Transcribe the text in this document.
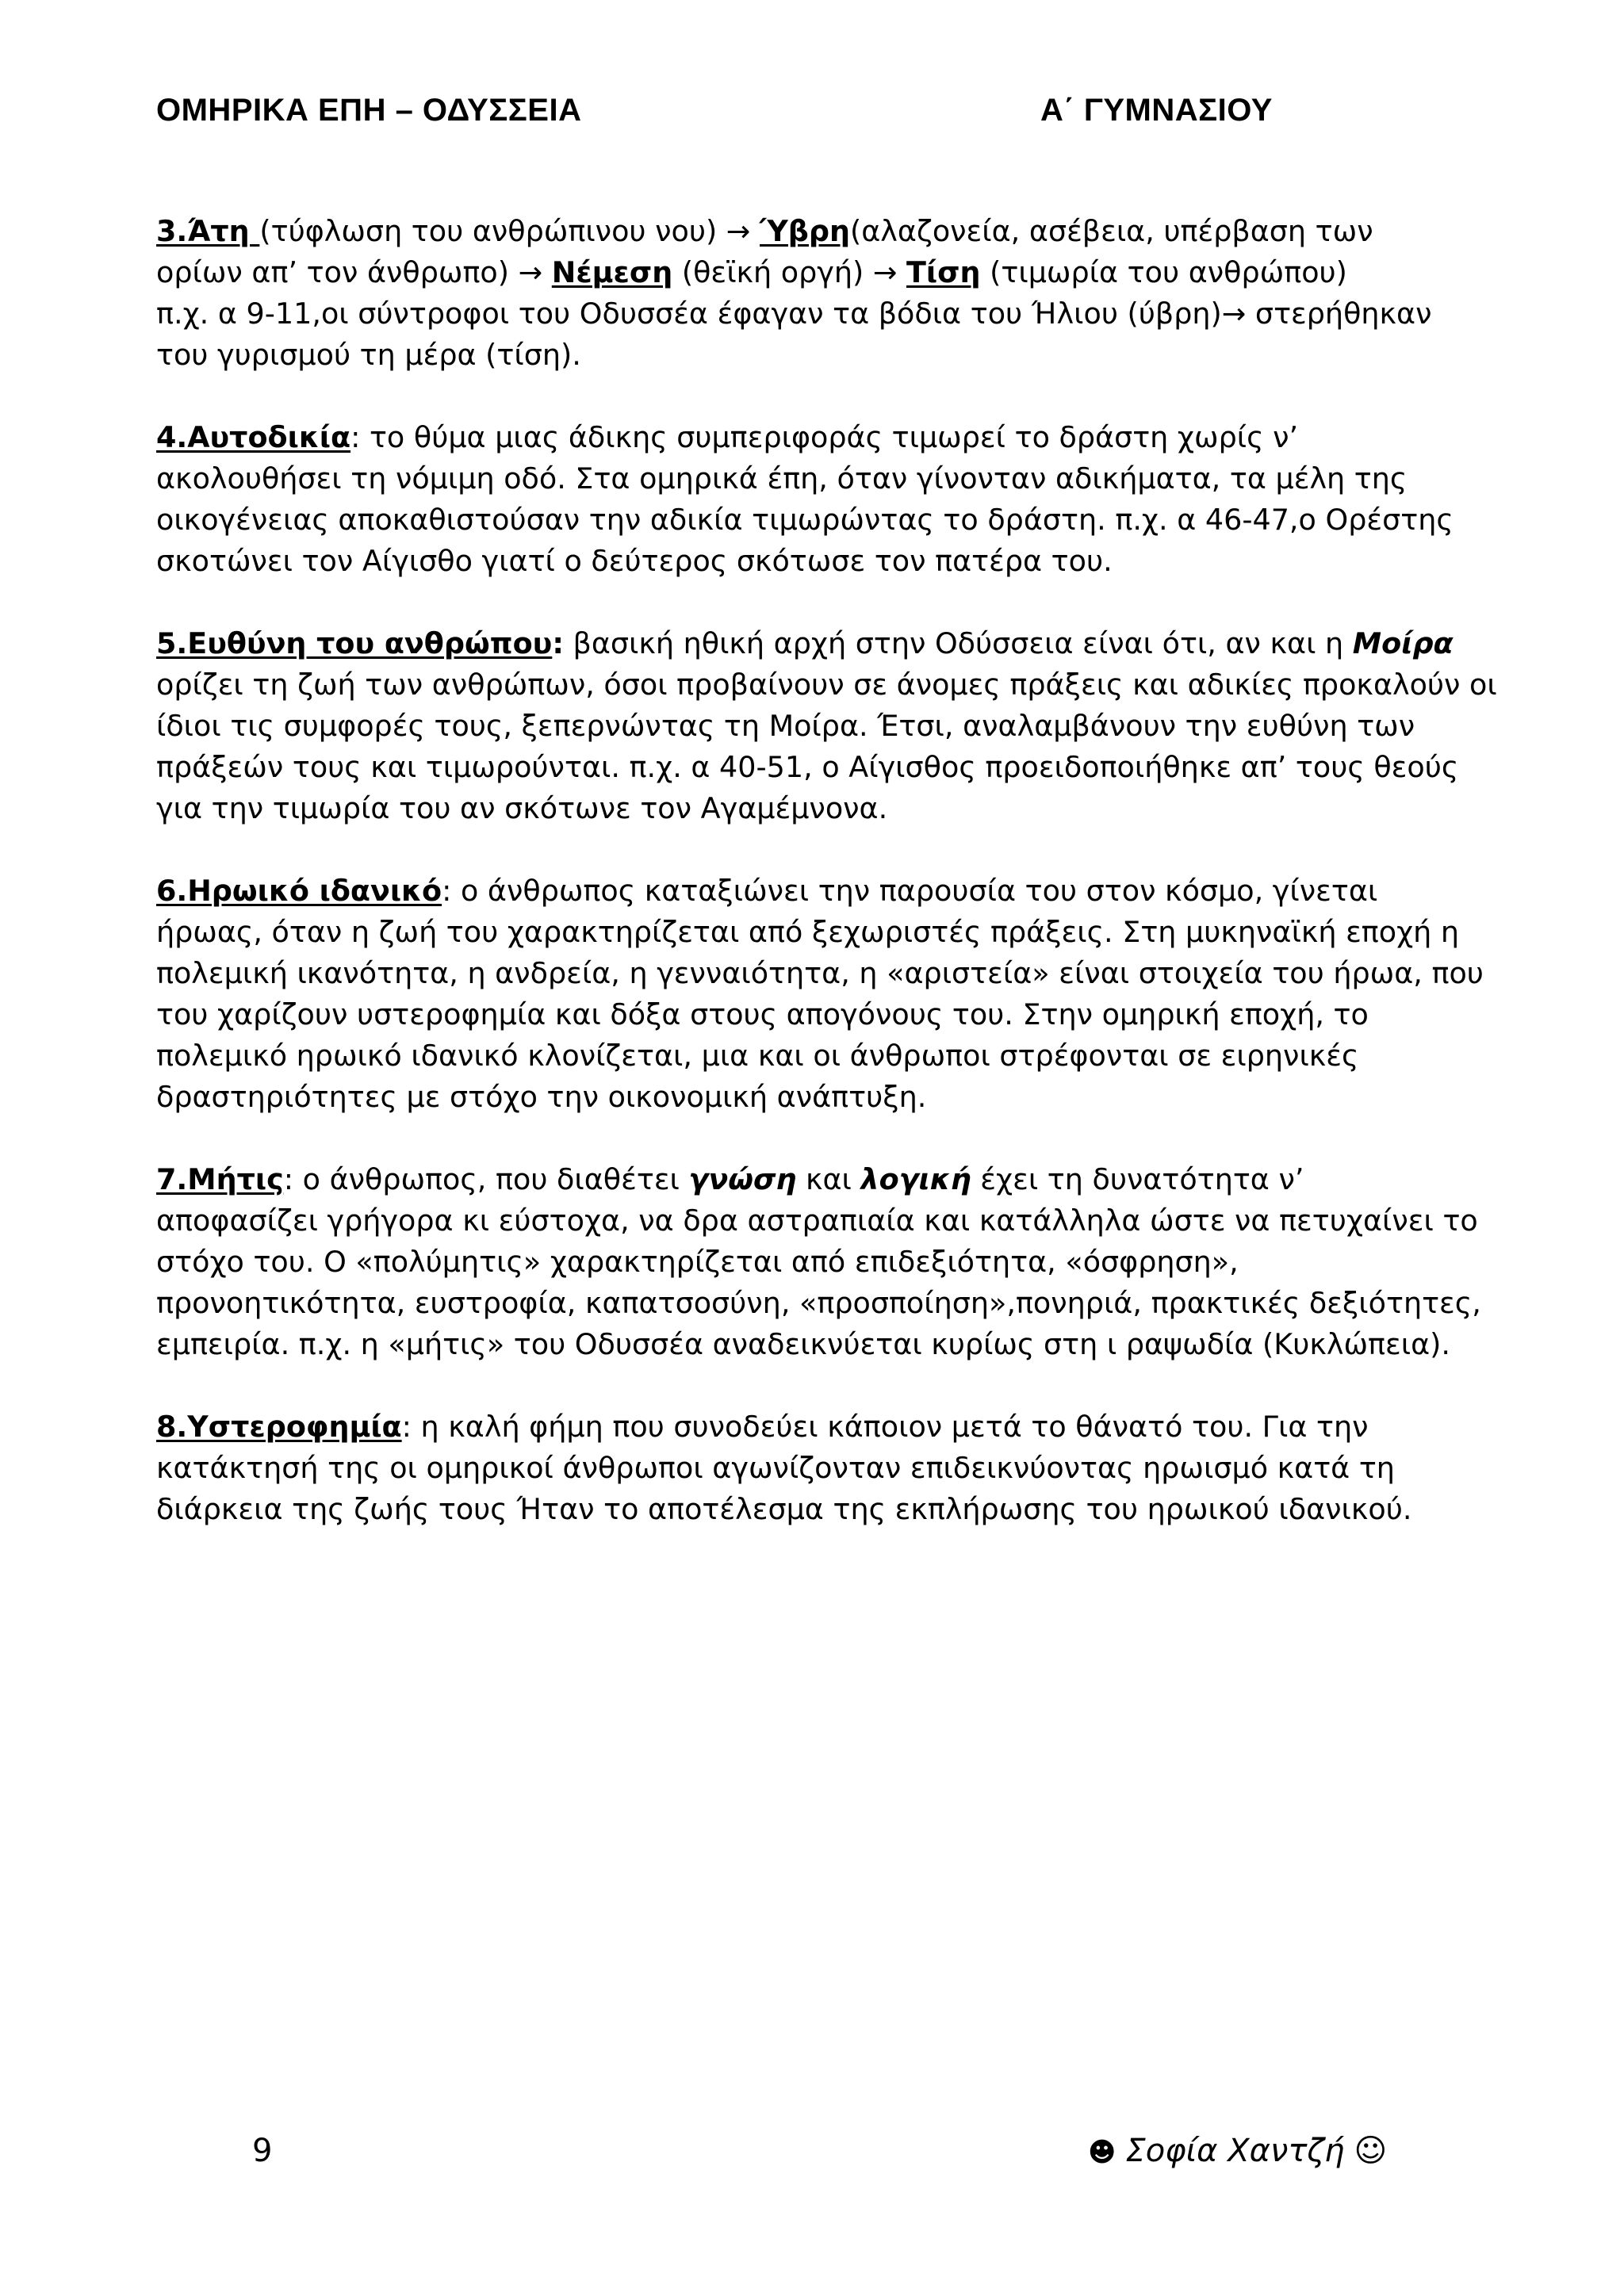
ΟΜΗΡΙΚΑ ΕΠΗ – ΟΔΥΣΣΕΙΑ	Α΄ ΓΥΜΝΑΣΙΟΥ

3.Άτη (τύφλωση του ανθρώπινου νου) → Ύβρη(αλαζονεία, ασέβεια, υπέρβαση των

ορίων απ’ τον άνθρωπο) → Νέμεση (θεϊκή οργή) → Τίση (τιμωρία του ανθρώπου)

π.χ. α 9-11,οι σύντροφοι του Οδυσσέα έφαγαν τα βόδια του Ήλιου (ύβρη)→ στερήθηκαν

του γυρισμού τη μέρα (τίση).

4.Αυτοδικία: το θύμα μιας άδικης συμπεριφοράς τιμωρεί το δράστη χωρίς ν’

ακολουθήσει τη νόμιμη οδό. Στα ομηρικά έπη, όταν γίνονταν αδικήματα, τα μέλη της

οικογένειας αποκαθιστούσαν την αδικία τιμωρώντας το δράστη. π.χ. α 46-47,ο Ορέστης

σκοτώνει τον Αίγισθο γιατί ο δεύτερος σκότωσε τον πατέρα του.

5.Ευθύνη του ανθρώπου: βασική ηθική αρχή στην Οδύσσεια είναι ότι, αν και η Μοίρα

ορίζει τη ζωή των ανθρώπων, όσοι προβαίνουν σε άνομες πράξεις και αδικίες προκαλούν οι

ίδιοι τις συμφορές τους, ξεπερνώντας τη Μοίρα. Έτσι, αναλαμβάνουν την ευθύνη των

πράξεών τους και τιμωρούνται. π.χ. α 40-51, ο Αίγισθος προειδοποιήθηκε απ’ τους θεούς

για την τιμωρία του αν σκότωνε τον Αγαμέμνονα.

6.Ηρωικό ιδανικό: ο άνθρωπος καταξιώνει την παρουσία του στον κόσμο, γίνεται

ήρωας, όταν η ζωή του χαρακτηρίζεται από ξεχωριστές πράξεις. Στη μυκηναϊκή εποχή η

πολεμική ικανότητα, η ανδρεία, η γενναιότητα, η «αριστεία» είναι στοιχεία του ήρωα, που

του χαρίζουν υστεροφημία και δόξα στους απογόνους του. Στην ομηρική εποχή, το

πολεμικό ηρωικό ιδανικό κλονίζεται, μια και οι άνθρωποι στρέφονται σε ειρηνικές

δραστηριότητες με στόχο την οικονομική ανάπτυξη.

7.Μήτις: ο άνθρωπος, που διαθέτει γνώση και λογική έχει τη δυνατότητα ν’

αποφασίζει γρήγορα κι εύστοχα, να δρα αστραπιαία και κατάλληλα ώστε να πετυχαίνει το

στόχο του. Ο «πολύμητις» χαρακτηρίζεται από επιδεξιότητα, «όσφρηση»,

προνοητικότητα, ευστροφία, καπατσοσύνη, «προσποίηση»,πονηριά, πρακτικές δεξιότητες,

εμπειρία. π.χ. η «μήτις» του Οδυσσέα αναδεικνύεται κυρίως στη ι ραψωδία (Κυκλώπεια).

8.Υστεροφημία: η καλή φήμη που συνοδεύει κάποιον μετά το θάνατό του. Για την

κατάκτησή της οι ομηρικοί άνθρωποι αγωνίζονταν επιδεικνύοντας ηρωισμό κατά τη

διάρκεια της ζωής τους Ήταν το αποτέλεσμα της εκπλήρωσης του ηρωικού ιδανικού.

9	☻ Σοφία Χαντζή ☺
